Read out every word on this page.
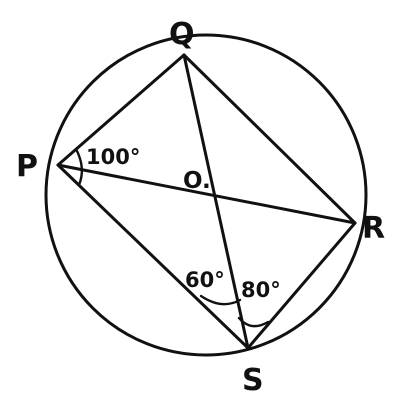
Q
P
R
S
O.
100°
60° 80°
